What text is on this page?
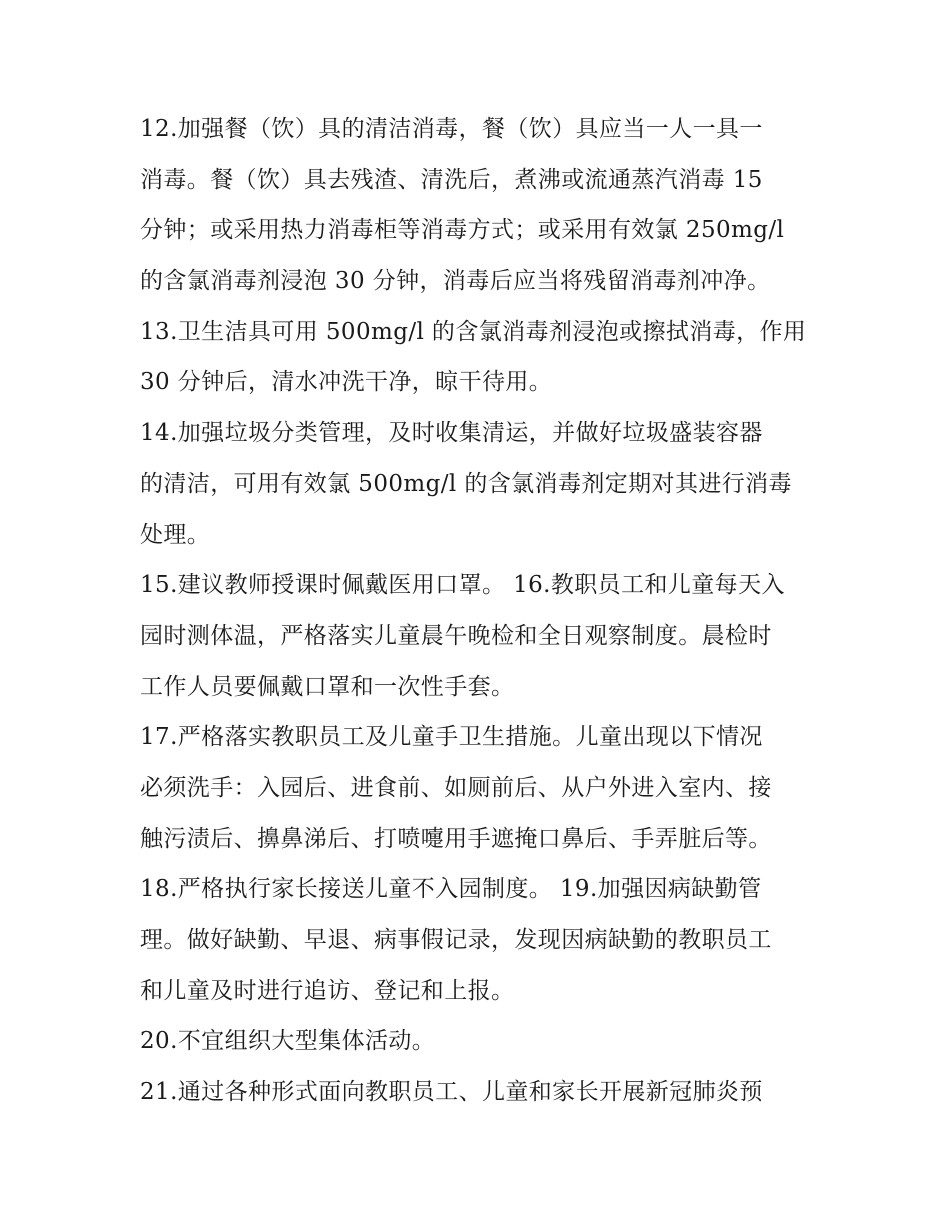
12.加强餐（饮）具的清洁消毒，餐（饮）具应当一人一具一
消毒。餐（饮）具去残渣、清洗后，煮沸或流通蒸汽消毒 15
分钟；或采用热力消毒柜等消毒方式；或采用有效氯 250mg/l
的含氯消毒剂浸泡 30 分钟，消毒后应当将残留消毒剂冲净。
13.卫生洁具可用 500mg/l 的含氯消毒剂浸泡或擦拭消毒，作用
30 分钟后，清水冲洗干净，晾干待用。
14.加强垃圾分类管理，及时收集清运，并做好垃圾盛装容器
的清洁，可用有效氯 500mg/l 的含氯消毒剂定期对其进行消毒
处理。
15.建议教师授课时佩戴医用口罩。 16.教职员工和儿童每天入
园时测体温，严格落实儿童晨午晚检和全日观察制度。晨检时
工作人员要佩戴口罩和一次性手套。
17.严格落实教职员工及儿童手卫生措施。儿童出现以下情况
必须洗手：入园后、进食前、如厕前后、从户外进入室内、接
触污渍后、擤鼻涕后、打喷嚏用手遮掩口鼻后、手弄脏后等。
18.严格执行家长接送儿童不入园制度。 19.加强因病缺勤管
理。做好缺勤、早退、病事假记录，发现因病缺勤的教职员工
和儿童及时进行追访、登记和上报。
20.不宜组织大型集体活动。
21.通过各种形式面向教职员工、儿童和家长开展新冠肺炎预
